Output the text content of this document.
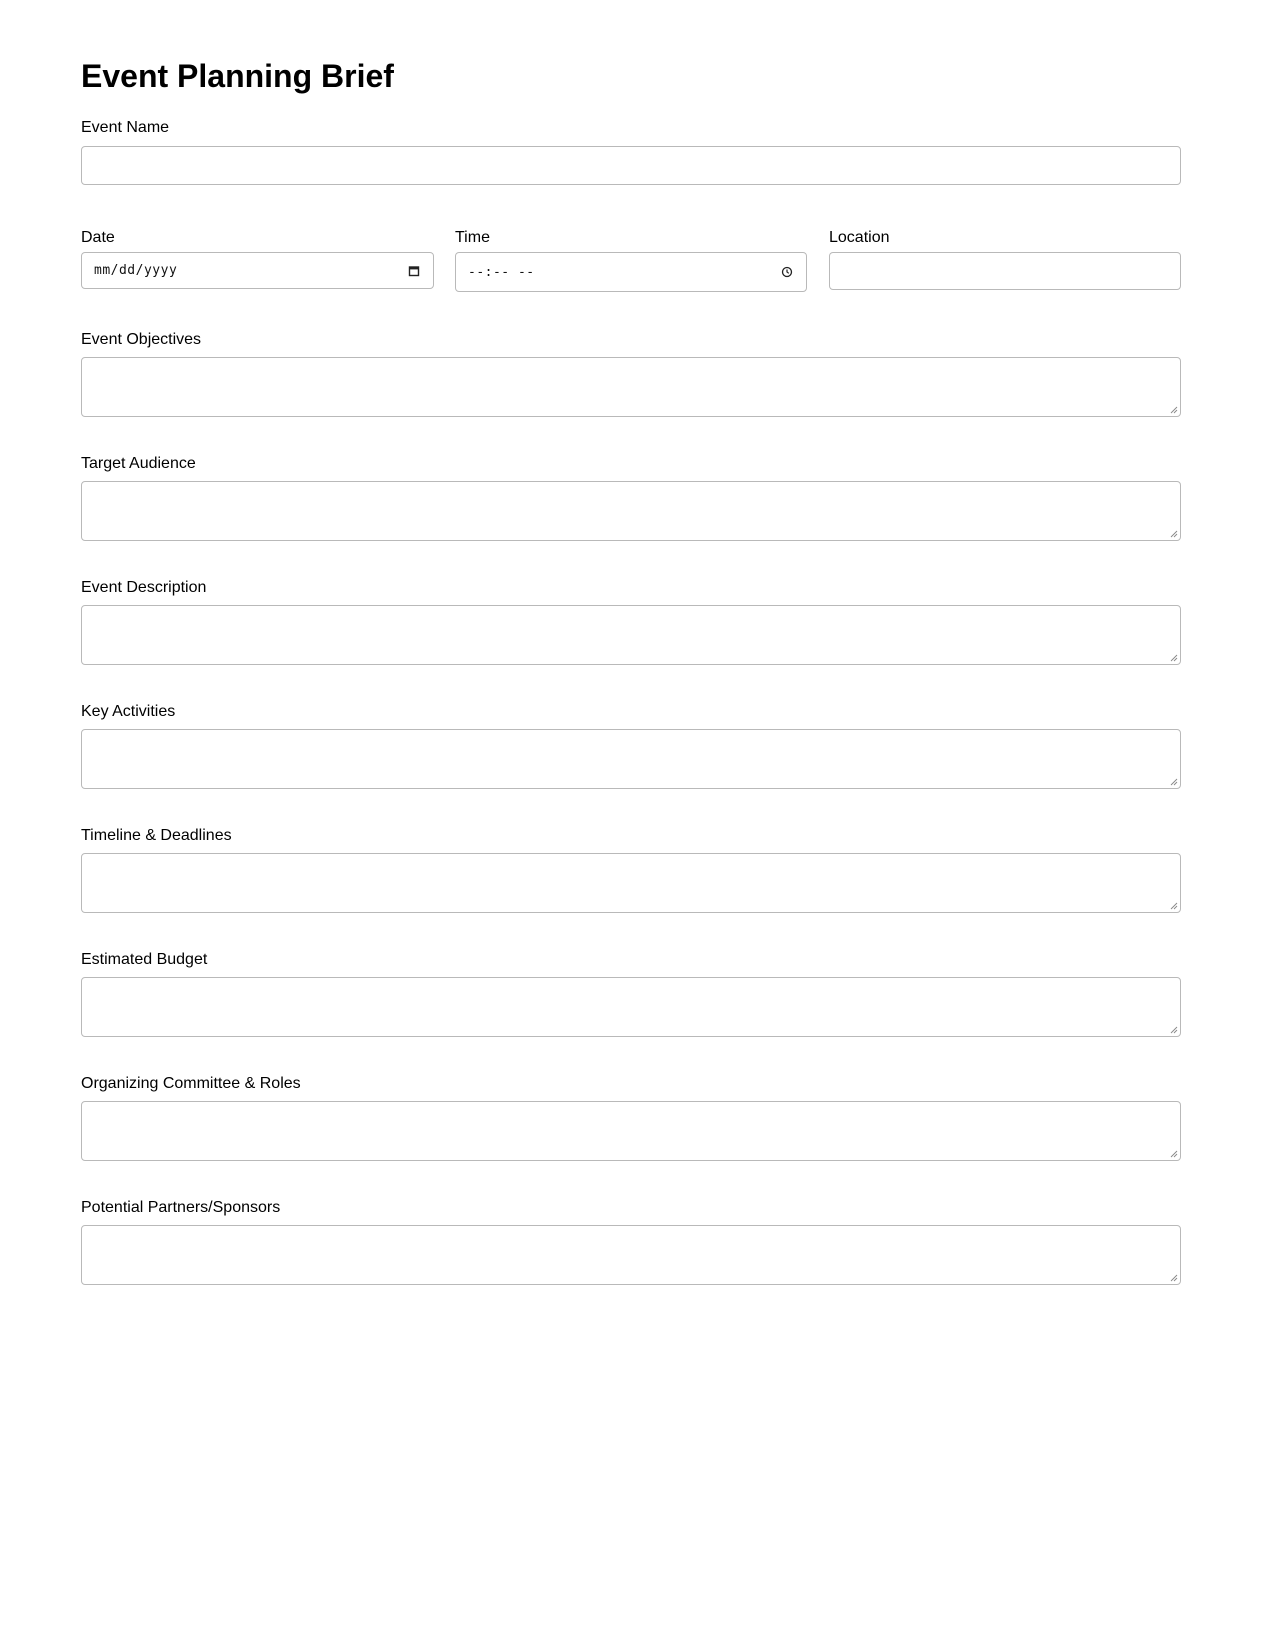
Event Planning Brief
Event Name
Date
mm/dd/yyyy
Time
--:-- --
Location
Event Objectives
Target Audience
Event Description
Key Activities
Timeline & Deadlines
Estimated Budget
Organizing Committee & Roles
Potential Partners/Sponsors
